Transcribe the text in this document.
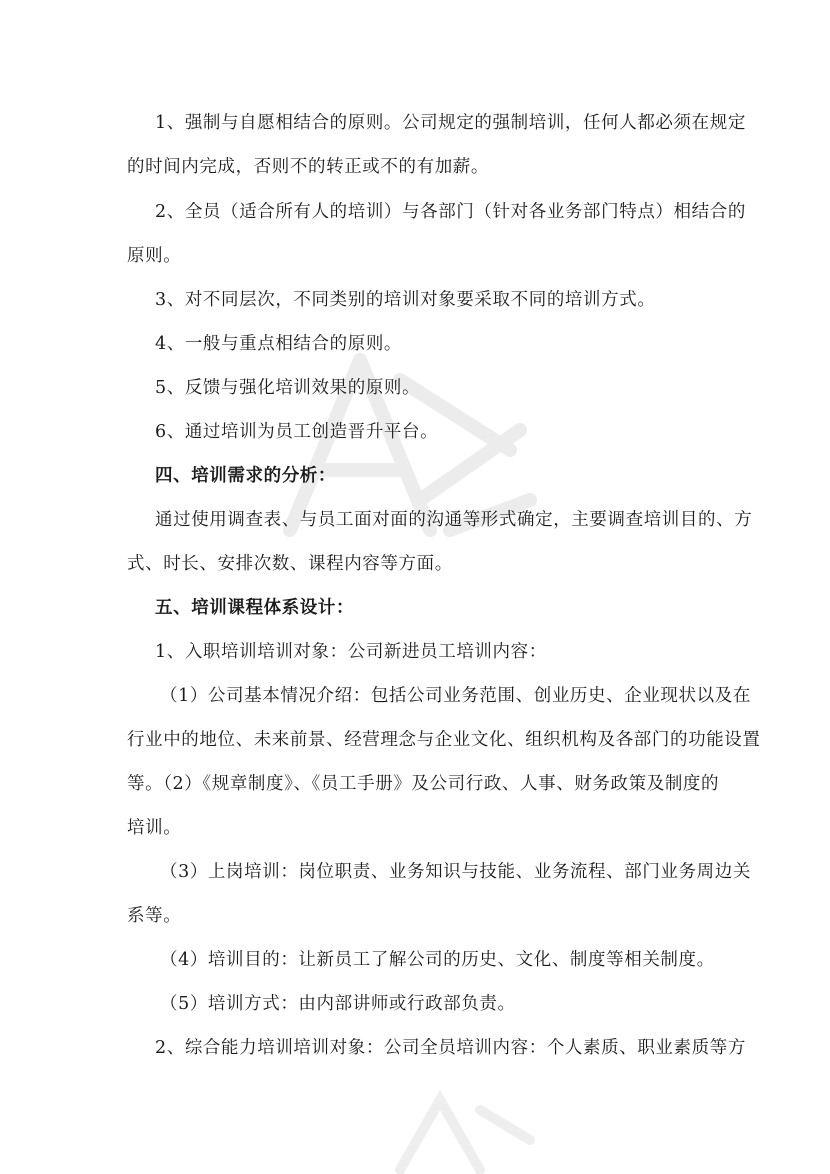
1、强制与自愿相结合的原则。公司规定的强制培训，任何人都必须在规定
的时间内完成，否则不的转正或不的有加薪。
2、全员（适合所有人的培训）与各部门（针对各业务部门特点）相结合的
原则。
3、对不同层次，不同类别的培训对象要采取不同的培训方式。
4、一般与重点相结合的原则。
5、反馈与强化培训效果的原则。
6、通过培训为员工创造晋升平台。
四、培训需求的分析：
通过使用调查表、与员工面对面的沟通等形式确定，主要调查培训目的、方
式、时长、安排次数、课程内容等方面。
五、培训课程体系设计：
1、入职培训培训对象：公司新进员工培训内容：
（1）公司基本情况介绍：包括公司业务范围、创业历史、企业现状以及在
行业中的地位、未来前景、经营理念与企业文化、组织机构及各部门的功能设置
等。（2）《规章制度》、《员工手册》及公司行政、人事、财务政策及制度的
培训。
（3）上岗培训：岗位职责、业务知识与技能、业务流程、部门业务周边关
系等。
（4）培训目的：让新员工了解公司的历史、文化、制度等相关制度。
（5）培训方式：由内部讲师或行政部负责。
2、综合能力培训培训对象：公司全员培训内容：个人素质、职业素质等方
